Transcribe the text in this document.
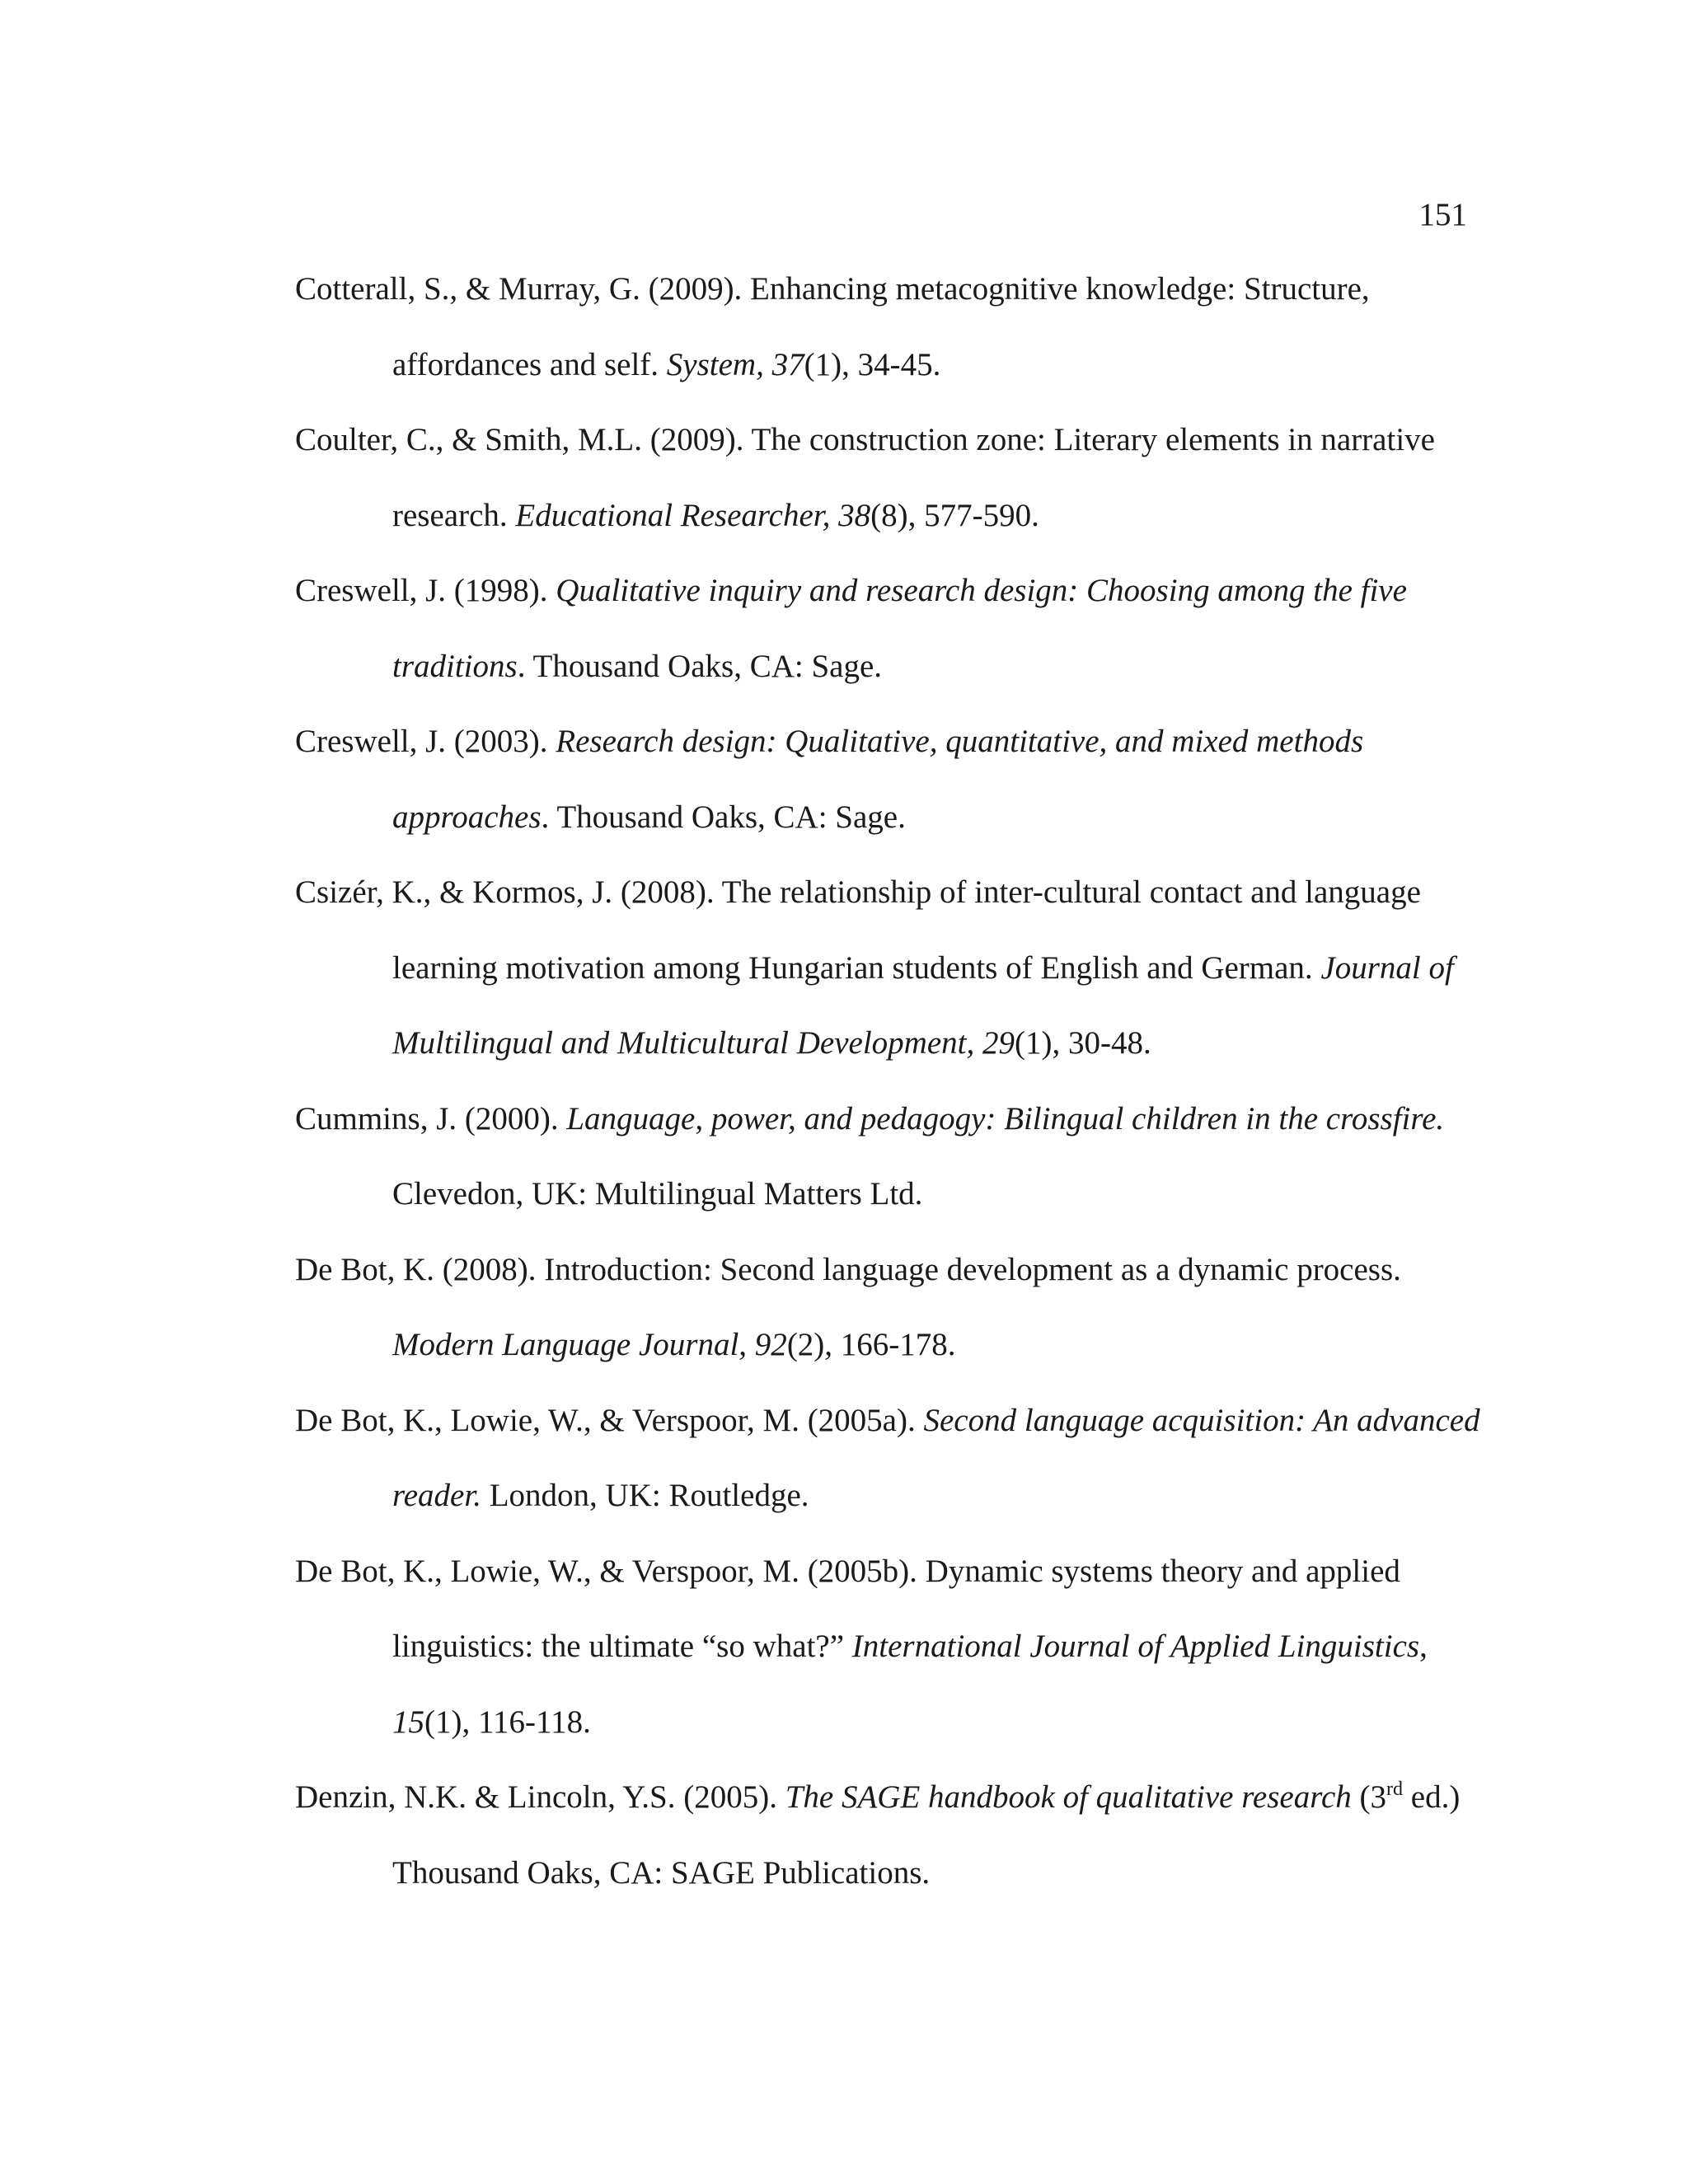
151
Cotterall, S., & Murray, G. (2009). Enhancing metacognitive knowledge: Structure, affordances and self. System, 37(1), 34-45.
Coulter, C., & Smith, M.L. (2009). The construction zone: Literary elements in narrative research. Educational Researcher, 38(8), 577-590.
Creswell, J. (1998). Qualitative inquiry and research design: Choosing among the five traditions. Thousand Oaks, CA: Sage.
Creswell, J. (2003). Research design: Qualitative, quantitative, and mixed methods approaches. Thousand Oaks, CA: Sage.
Csizér, K., & Kormos, J. (2008). The relationship of inter-cultural contact and language learning motivation among Hungarian students of English and German. Journal of Multilingual and Multicultural Development, 29(1), 30-48.
Cummins, J. (2000). Language, power, and pedagogy: Bilingual children in the crossfire. Clevedon, UK: Multilingual Matters Ltd.
De Bot, K. (2008). Introduction: Second language development as a dynamic process. Modern Language Journal, 92(2), 166-178.
De Bot, K., Lowie, W., & Verspoor, M. (2005a). Second language acquisition: An advanced reader. London, UK: Routledge.
De Bot, K., Lowie, W., & Verspoor, M. (2005b). Dynamic systems theory and applied linguistics: the ultimate “so what?” International Journal of Applied Linguistics, 15(1), 116-118.
Denzin, N.K. & Lincoln, Y.S. (2005). The SAGE handbook of qualitative research (3rd ed.) Thousand Oaks, CA: SAGE Publications.
